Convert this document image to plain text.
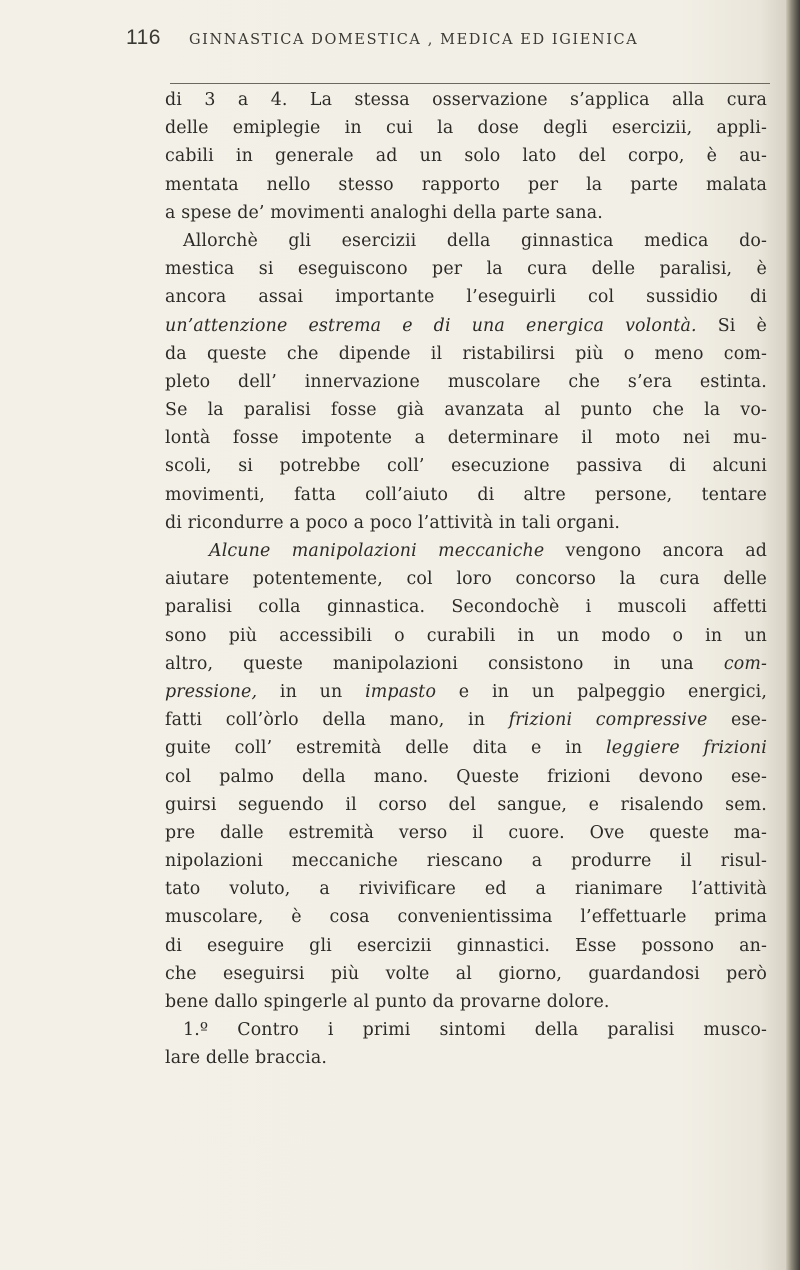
116 GINNASTICA DOMESTICA , MEDICA ED IGIENICA
di 3 a 4. La stessa osservazione s’applica alla cura
delle emiplegie in cui la dose degli esercizii, appli-
cabili in generale ad un solo lato del corpo, è au-
mentata nello stesso rapporto per la parte malata
a spese de’ movimenti analoghi della parte sana.
Allorchè gli esercizii della ginnastica medica do-
mestica si eseguiscono per la cura delle paralisi, è
ancora assai importante l’eseguirli col sussidio di
un’attenzione estrema e di una energica volontà. Si è
da queste che dipende il ristabilirsi più o meno com-
pleto dell’ innervazione muscolare che s’era estinta.
Se la paralisi fosse già avanzata al punto che la vo-
lontà fosse impotente a determinare il moto nei mu-
scoli, si potrebbe coll’ esecuzione passiva di alcuni
movimenti, fatta coll’aiuto di altre persone, tentare
di ricondurre a poco a poco l’attività in tali organi.
Alcune manipolazioni meccaniche vengono ancora ad
aiutare potentemente, col loro concorso la cura delle
paralisi colla ginnastica. Secondochè i muscoli affetti
sono più accessibili o curabili in un modo o in un
altro, queste manipolazioni consistono in una com-
pressione, in un impasto e in un palpeggio energici,
fatti coll’òrlo della mano, in frizioni compressive ese-
guite coll’ estremità delle dita e in leggiere frizioni
col palmo della mano. Queste frizioni devono ese-
guirsi seguendo il corso del sangue, e risalendo sem.
pre dalle estremità verso il cuore. Ove queste ma-
nipolazioni meccaniche riescano a produrre il risul-
tato voluto, a rivivificare ed a rianimare l’attività
muscolare, è cosa convenientissima l’effettuarle prima
di eseguire gli esercizii ginnastici. Esse possono an-
che eseguirsi più volte al giorno, guardandosi però
bene dallo spingerle al punto da provarne dolore.
1.º Contro i primi sintomi della paralisi musco-
lare delle braccia.
